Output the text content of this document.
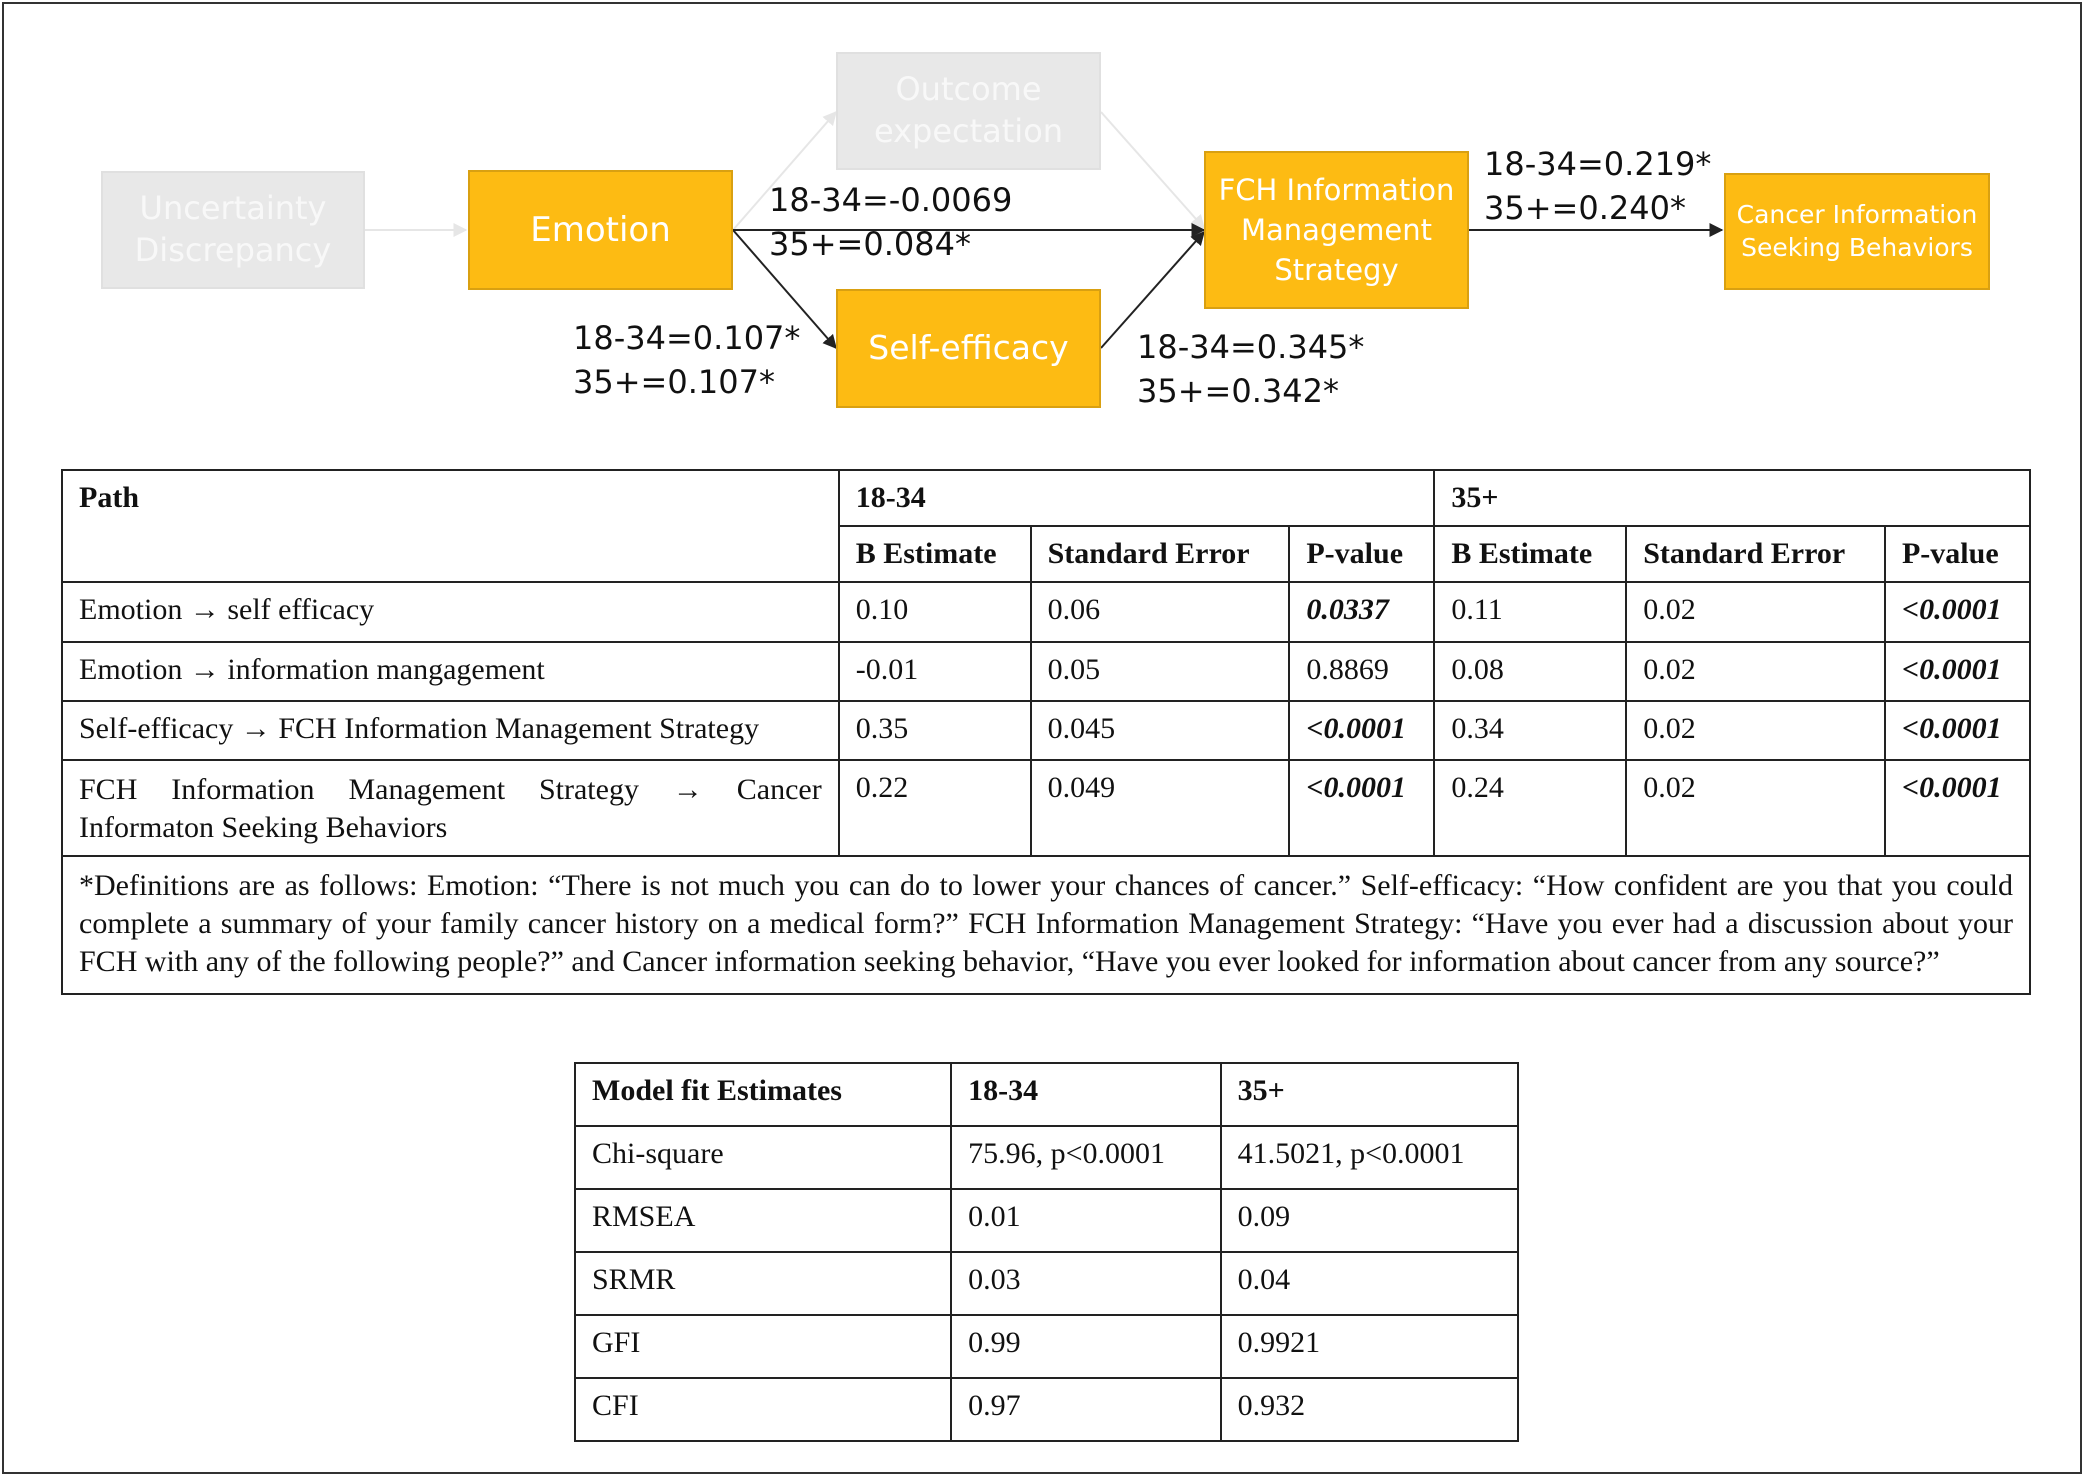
Uncertainty
Discrepancy
Emotion
Outcome
expectation
Self-efficacy
FCH Information
Management
Strategy
Cancer Information
Seeking Behaviors
18-34=-0.0069
35+=0.084*
18-34=0.107*
35+=0.107*
18-34=0.345*
35+=0.342*
18-34=0.219*
35+=0.240*
Path	18-34			35+		
	B Estimate	Standard Error	P-value	B Estimate	Standard Error	P-value
Emotion → self efficacy	0.10	0.06	0.0337	0.11	0.02	<0.0001
Emotion → information mangagement	-0.01	0.05	0.8869	0.08	0.02	<0.0001
Self-efficacy → FCH Information Management Strategy	0.35	0.045	<0.0001	0.34	0.02	<0.0001
FCH Information Management Strategy → Cancer Informaton Seeking Behaviors	0.22	0.049	<0.0001	0.24	0.02	<0.0001
*Definitions are as follows: Emotion: “There is not much you can do to lower your chances of cancer.” Self-efficacy: “How confident are you that you could complete a summary of your family cancer history on a medical form?” FCH Information Management Strategy: “Have you ever had a discussion about your FCH with any of the following people?” and Cancer information seeking behavior, “Have you ever looked for information about cancer from any source?”						
Model fit Estimates	18-34	35+
Chi-square	75.96, p<0.0001	41.5021, p<0.0001
RMSEA	0.01	0.09
SRMR	0.03	0.04
GFI	0.99	0.9921
CFI	0.97	0.932
